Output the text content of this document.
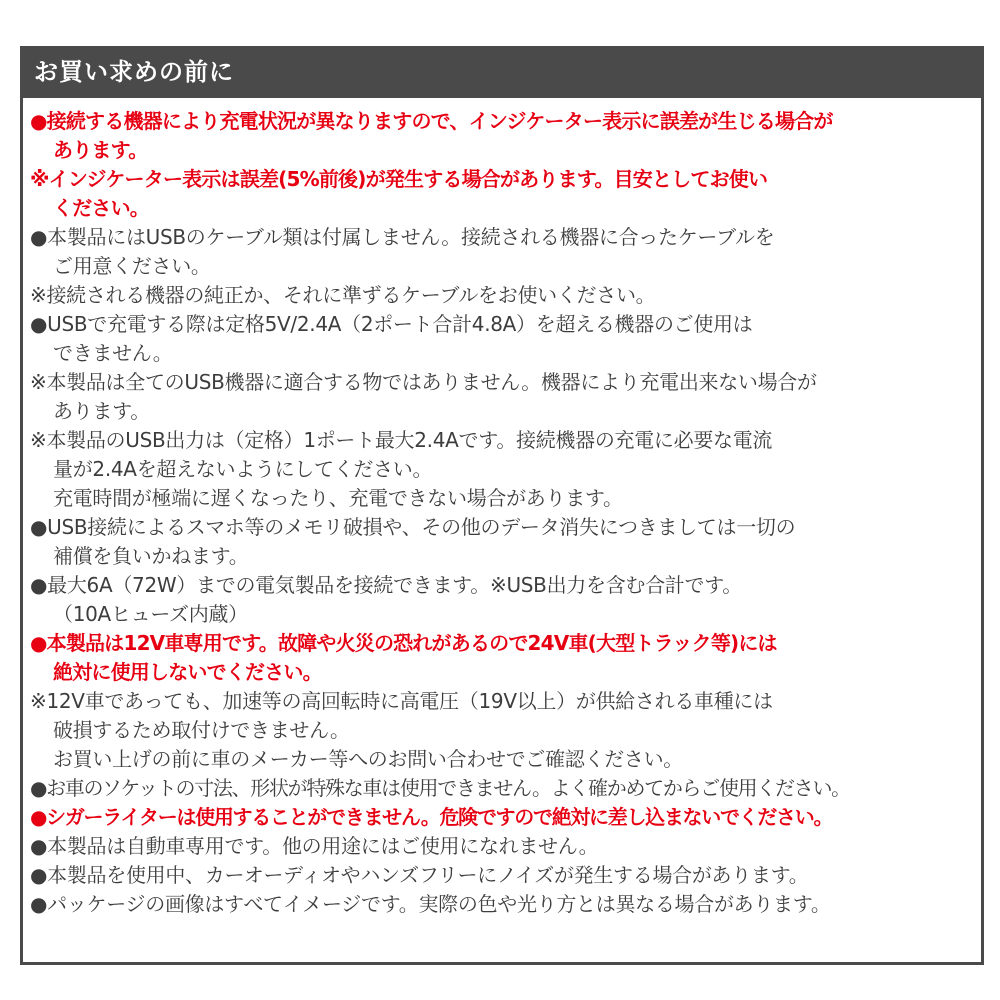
お買い求めの前に
●接続する機器により充電状況が異なりますので、インジケーター表示に誤差が生じる場合が
あります。
※インジケーター表示は誤差(5%前後)が発生する場合があります。目安としてお使い
ください。
●本製品にはUSBのケーブル類は付属しません。接続される機器に合ったケーブルを
ご用意ください。
※接続される機器の純正か、それに準ずるケーブルをお使いください。
●USBで充電する際は定格5V/2.4A（2ポート合計4.8A）を超える機器のご使用は
できません。
※本製品は全てのUSB機器に適合する物ではありません。機器により充電出来ない場合が
あります。
※本製品のUSB出力は（定格）1ポート最大2.4Aです。接続機器の充電に必要な電流
量が2.4Aを超えないようにしてください。
充電時間が極端に遅くなったり、充電できない場合があります。
●USB接続によるスマホ等のメモリ破損や、その他のデータ消失につきましては一切の
補償を負いかねます。
●最大6A（72W）までの電気製品を接続できます。※USB出力を含む合計です。
（10Aヒューズ内蔵）
●本製品は12V車専用です。故障や火災の恐れがあるので24V車(大型トラック等)には
絶対に使用しないでください。
※12V車であっても、加速等の高回転時に高電圧（19V以上）が供給される車種には
破損するため取付けできません。
お買い上げの前に車のメーカー等へのお問い合わせでご確認ください。
●お車のソケットの寸法、形状が特殊な車は使用できません。よく確かめてからご使用ください。
●シガーライターは使用することができません。危険ですので絶対に差し込まないでください。
●本製品は自動車専用です。他の用途にはご使用になれません。
●本製品を使用中、カーオーディオやハンズフリーにノイズが発生する場合があります。
●パッケージの画像はすべてイメージです。実際の色や光り方とは異なる場合があります。
